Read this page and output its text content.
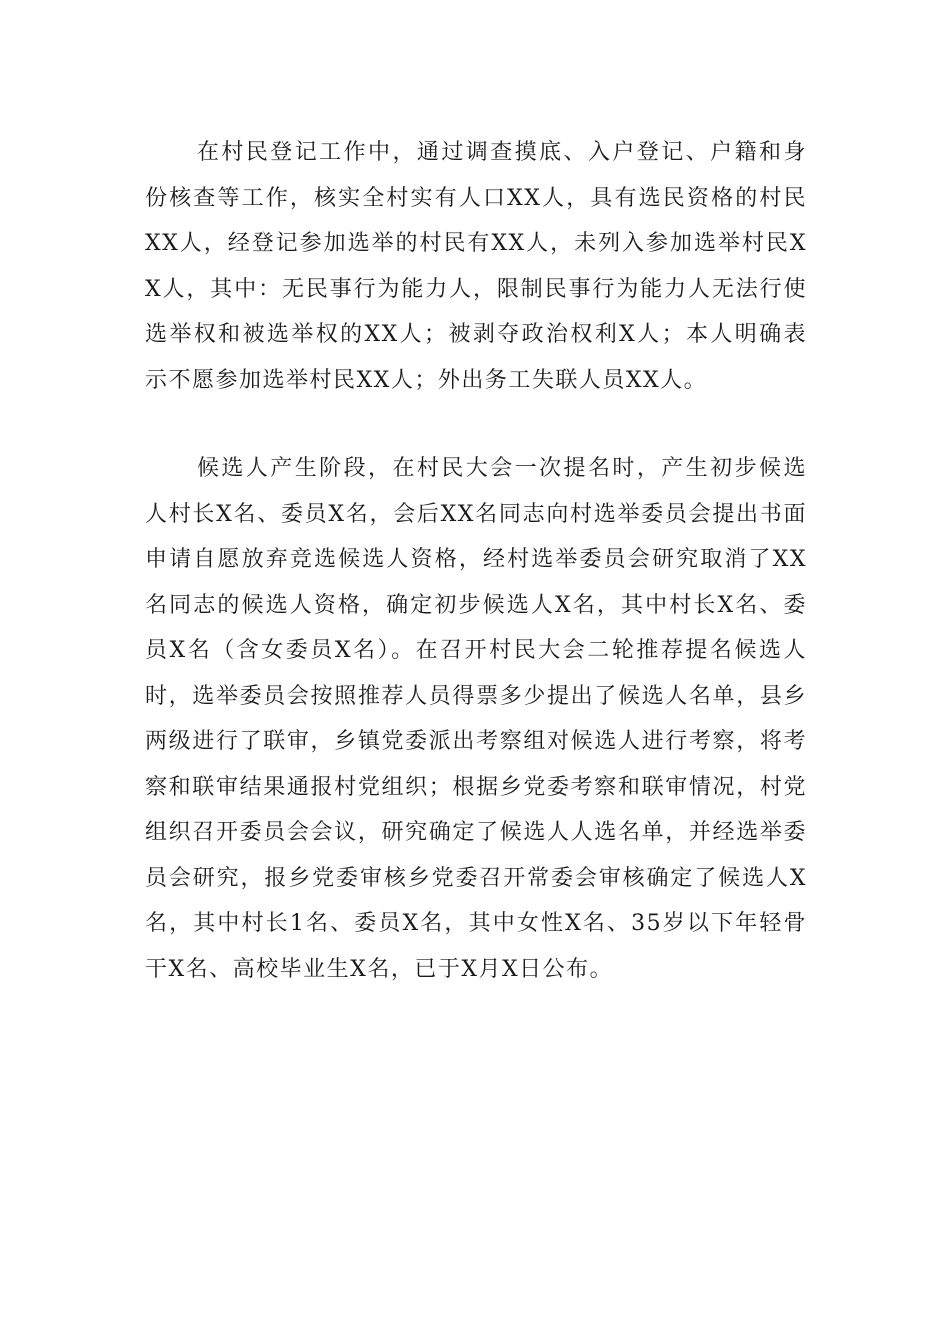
在村民登记工作中，通过调查摸底、入户登记、户籍和身份核查等工作，核实全村实有人口XX人，具有选民资格的村民XX人，经登记参加选举的村民有XX人，未列入参加选举村民XX人，其中：无民事行为能力人，限制民事行为能力人无法行使选举权和被选举权的XX人；被剥夺政治权利X人；本人明确表示不愿参加选举村民XX人；外出务工失联人员XX人。

候选人产生阶段，在村民大会一次提名时，产生初步候选人村长X名、委员X名，会后XX名同志向村选举委员会提出书面申请自愿放弃竞选候选人资格，经村选举委员会研究取消了XX名同志的候选人资格，确定初步候选人X名，其中村长X名、委员X名（含女委员X名）。在召开村民大会二轮推荐提名候选人时，选举委员会按照推荐人员得票多少提出了候选人名单，县乡两级进行了联审，乡镇党委派出考察组对候选人进行考察，将考察和联审结果通报村党组织；根据乡党委考察和联审情况，村党组织召开委员会会议，研究确定了候选人人选名单，并经选举委员会研究，报乡党委审核乡党委召开常委会审核确定了候选人X名，其中村长1名、委员X名，其中女性X名、35岁以下年轻骨干X名、高校毕业生X名，已于X月X日公布。
